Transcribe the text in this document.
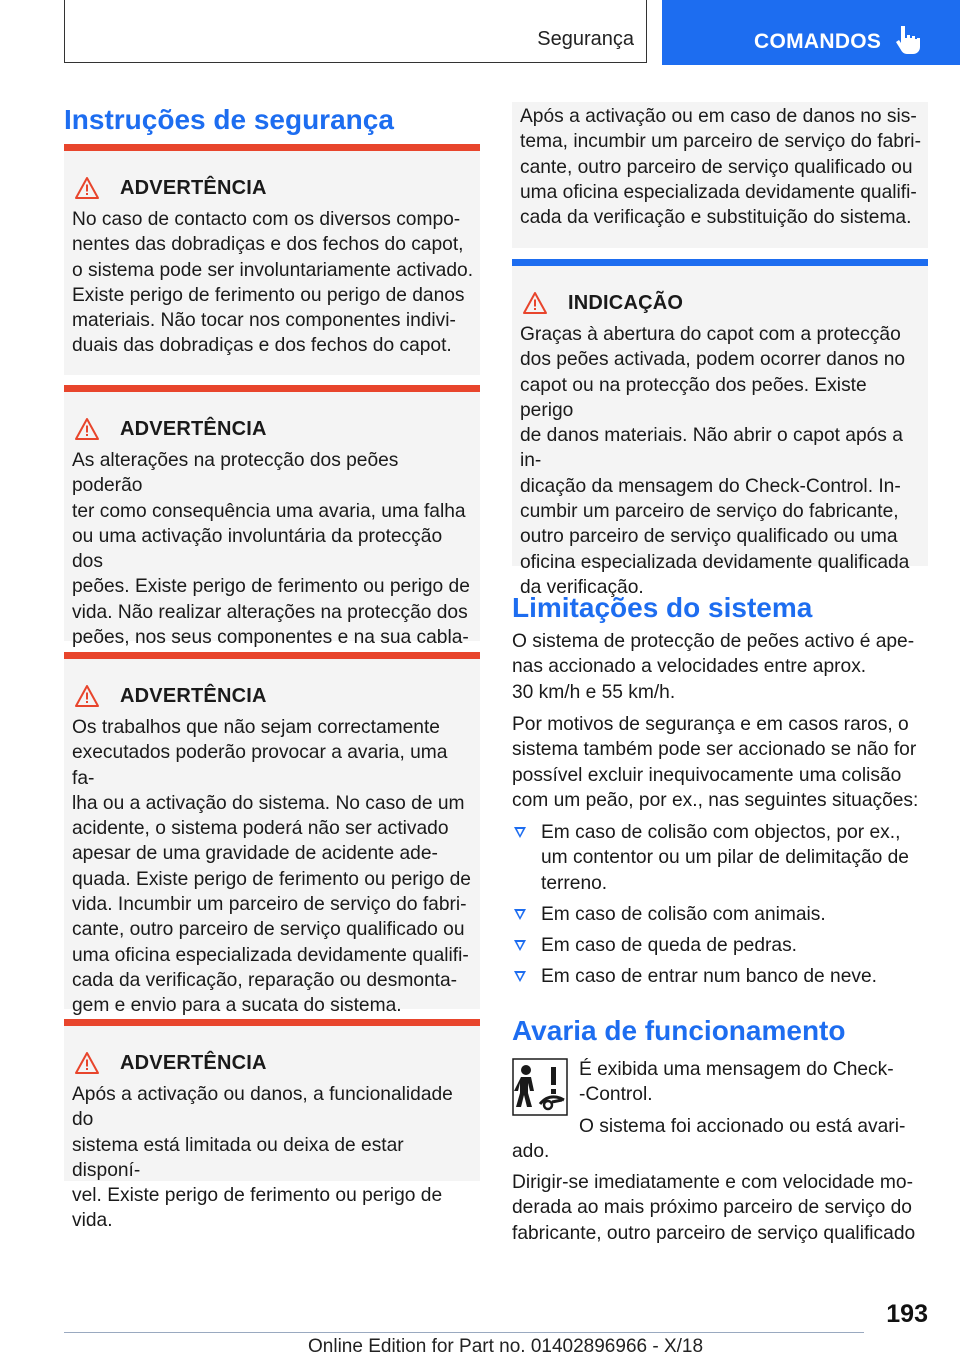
Segurança	COMANDOS
Instruções de segurança
ADVERTÊNCIA
No caso de contacto com os diversos compo-
nentes das dobradiças e dos fechos do capot,
o sistema pode ser involuntariamente activado.
Existe perigo de ferimento ou perigo de danos
materiais. Não tocar nos componentes indivi-
duais das dobradiças e dos fechos do capot.
ADVERTÊNCIA
As alterações na protecção dos peões poderão
ter como consequência uma avaria, uma falha
ou uma activação involuntária da protecção dos
peões. Existe perigo de ferimento ou perigo de
vida. Não realizar alterações na protecção dos
peões, nos seus componentes e na sua cabla-
ADVERTÊNCIA
Os trabalhos que não sejam correctamente
executados poderão provocar a avaria, uma fa-
lha ou a activação do sistema. No caso de um
acidente, o sistema poderá não ser activado
apesar de uma gravidade de acidente ade-
quada. Existe perigo de ferimento ou perigo de
vida. Incumbir um parceiro de serviço do fabri-
cante, outro parceiro de serviço qualificado ou
uma oficina especializada devidamente qualifi-
cada da verificação, reparação ou desmonta-
gem e envio para a sucata do sistema.
ADVERTÊNCIA
Após a activação ou danos, a funcionalidade do
sistema está limitada ou deixa de estar disponí-
vel. Existe perigo de ferimento ou perigo de
vida.
Após a activação ou em caso de danos no sis-
tema, incumbir um parceiro de serviço do fabri-
cante, outro parceiro de serviço qualificado ou
uma oficina especializada devidamente qualifi-
cada da verificação e substituição do sistema.
INDICAÇÃO
Graças à abertura do capot com a protecção
dos peões activada, podem ocorrer danos no
capot ou na protecção dos peões. Existe perigo
de danos materiais. Não abrir o capot após a in-
dicação da mensagem do Check-Control. In-
cumbir um parceiro de serviço do fabricante,
outro parceiro de serviço qualificado ou uma
oficina especializada devidamente qualificada
da verificação.
Limitações do sistema
O sistema de protecção de peões activo é ape-
nas accionado a velocidades entre aprox.
30 km/h e 55 km/h.
Por motivos de segurança e em casos raros, o
sistema também pode ser accionado se não for
possível excluir inequivocamente uma colisão
com um peão, por ex., nas seguintes situações:
Em caso de colisão com objectos, por ex.,
um contentor ou um pilar de delimitação de
terreno.
Em caso de colisão com animais.
Em caso de queda de pedras.
Em caso de entrar num banco de neve.
Avaria de funcionamento
É exibida uma mensagem do Check-
-Control.
O sistema foi accionado ou está avari-
ado.
Dirigir-se imediatamente e com velocidade mo-
derada ao mais próximo parceiro de serviço do
fabricante, outro parceiro de serviço qualificado
193
Online Edition for Part no. 01402896966 - X/18
